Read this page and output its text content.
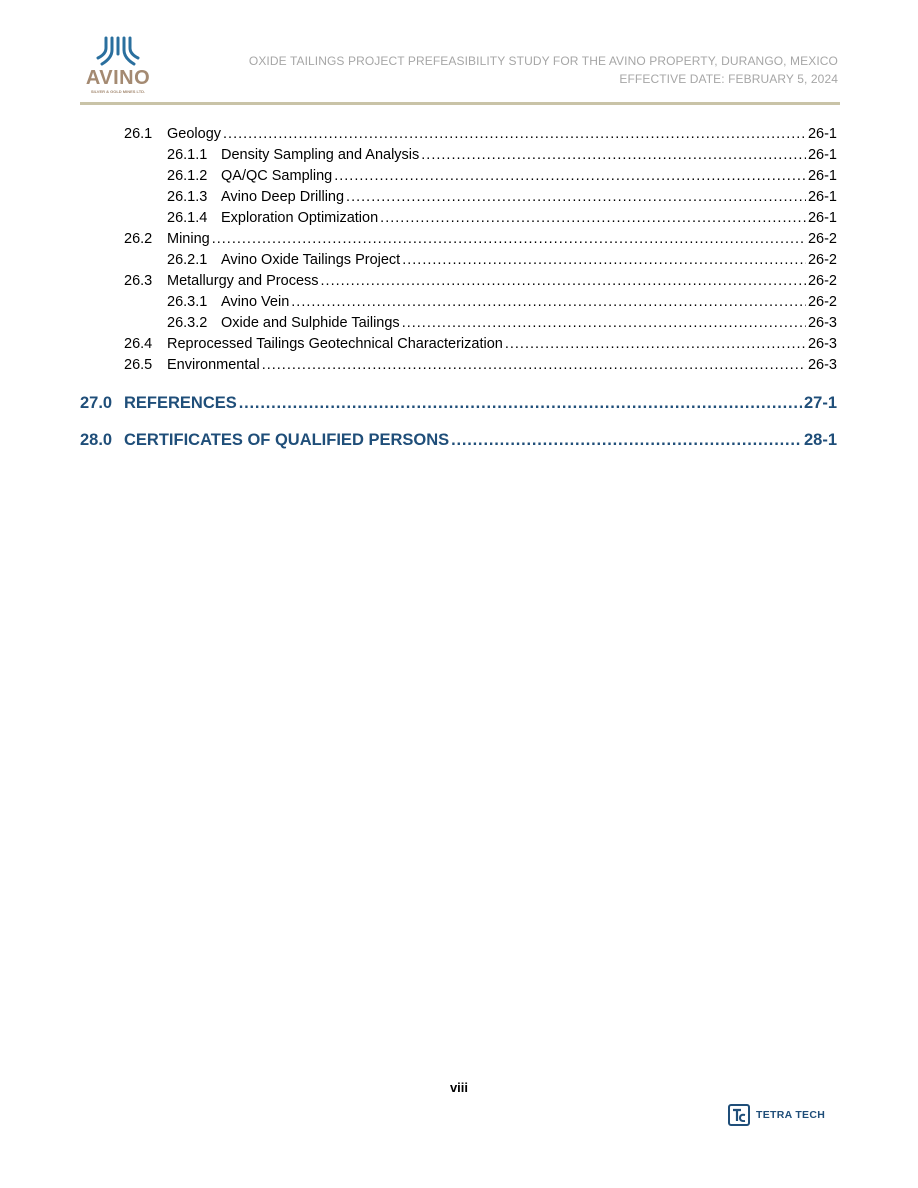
AVINO
SILVER & GOLD MINES LTD.
OXIDE TAILINGS PROJECT PREFEASIBILITY STUDY FOR THE AVINO PROPERTY, DURANGO, MEXICO
EFFECTIVE DATE: FEBRUARY 5, 2024
26.1	Geology .....	26-1
26.1.1 Density Sampling and Analysis .....	26-1
26.1.2 QA/QC Sampling .....	26-1
26.1.3 Avino Deep Drilling .....	26-1
26.1.4 Exploration Optimization .....	26-1
26.2	Mining .....	26-2
26.2.1 Avino Oxide Tailings Project .....	26-2
26.3	Metallurgy and Process .....	26-2
26.3.1 Avino Vein .....	26-2
26.3.2 Oxide and Sulphide Tailings .....	26-3
26.4	Reprocessed Tailings Geotechnical Characterization .....	26-3
26.5	Environmental .....	26-3
27.0 REFERENCES .....	27-1
28.0 CERTIFICATES OF QUALIFIED PERSONS .....	28-1
viii
TETRA TECH
